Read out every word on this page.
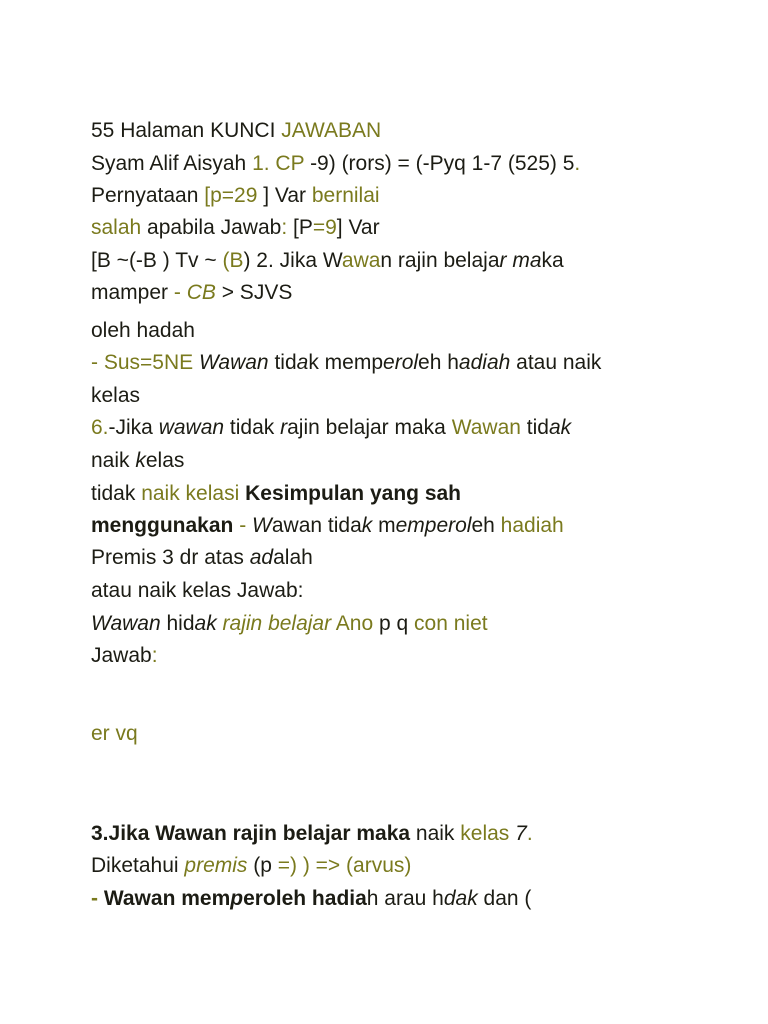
55 Halaman KUNCI JAWABAN
Syam Alif Aisyah 1. CP -9) (rors) = (-Pyq 1-7 (525) 5.
Pernyataan [p=29 ] Var bernilai
salah apabila Jawab: [P=9] Var
[B ~(-B ) Tv ~ (B) 2. Jika Wawan rajin belajar maka
mamper - CB > SJVS
oleh hadah
- Sus=5NE Wawan tidak memperoleh hadiah atau naik
kelas
6.-Jika wawan tidak rajin belajar maka Wawan tidak
naik kelas
tidak naik kelasi Kesimpulan yang sah
menggunakan - Wawan tidak memperoleh hadiah
Premis 3 dr atas adalah
atau naik kelas Jawab:
Wawan hidak rajin belajar Ano p q con niet
Jawab:
er vq
3.Jika Wawan rajin belajar maka naik kelas 7.
Diketahui premis (p =) ) => (arvus)
- Wawan memperoleh hadiah arau hdak dan (
